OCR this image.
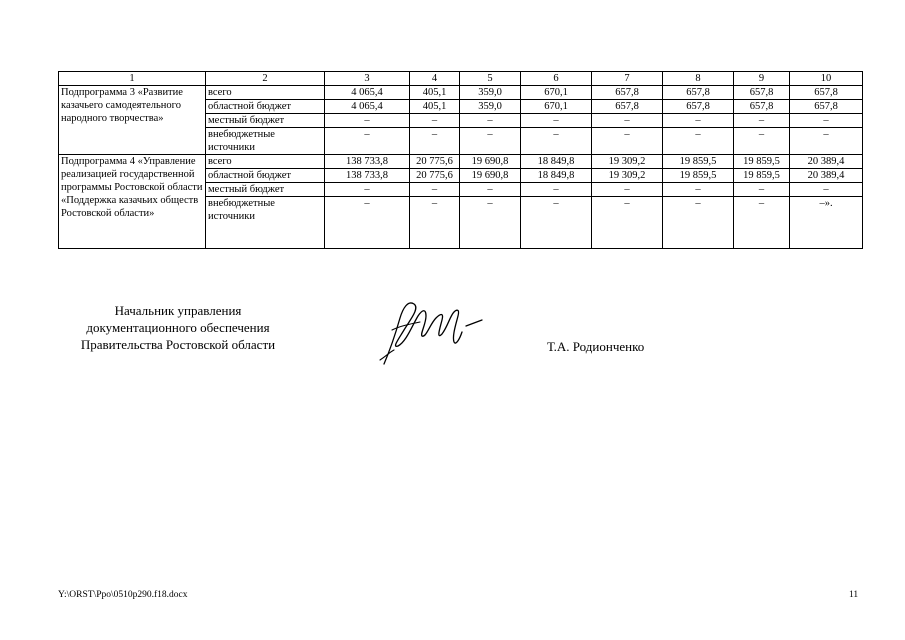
1	2	3	4	5	6	7	8	9	10
Подпрограмма 3 «Развитие казачьего самодеятельного народного творчества»	всего	4 065,4	405,1	359,0	670,1	657,8	657,8	657,8	657,8
	областной бюджет	4 065,4	405,1	359,0	670,1	657,8	657,8	657,8	657,8
	местный бюджет	–	–	–	–	–	–	–	–
	внебюджетные источники	–	–	–	–	–	–	–	–
Подпрограмма 4 «Управление реализацией государственной программы Ростовской области «Поддержка казачьих обществ Ростовской области»	всего	138 733,8	20 775,6	19 690,8	18 849,8	19 309,2	19 859,5	19 859,5	20 389,4
	областной бюджет	138 733,8	20 775,6	19 690,8	18 849,8	19 309,2	19 859,5	19 859,5	20 389,4
	местный бюджет	–	–	–	–	–	–	–	–
	внебюджетные источники	–	–	–	–	–	–	–	–».
Начальник управления
документационного обеспечения
Правительства Ростовской области	Т.А. Родионченко
Y:\ORST\Ppo\0510p290.f18.docx	11
